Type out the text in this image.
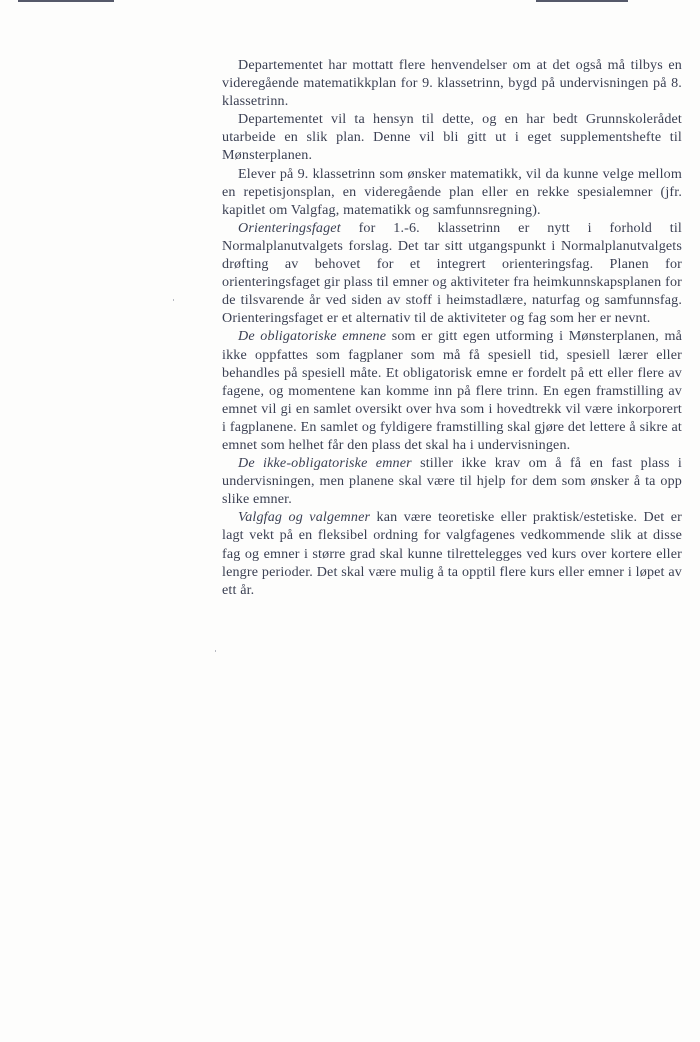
Departementet har mottatt flere henvendelser om at det også må tilbys en videregående matematikkplan for 9. klassetrinn, bygd på undervisningen på 8. klassetrinn.

Departementet vil ta hensyn til dette, og en har bedt Grunnskolerådet utarbeide en slik plan. Denne vil bli gitt ut i eget supplementshefte til Mønsterplanen.

Elever på 9. klassetrinn som ønsker matematikk, vil da kunne velge mellom en repetisjonsplan, en videregående plan eller en rekke spesialemner (jfr. kapitlet om Valgfag, matematikk og samfunnsregning).

Orienteringsfaget for 1.-6. klassetrinn er nytt i forhold til Normalplanutvalgets forslag. Det tar sitt utgangspunkt i Normalplanutvalgets drøfting av behovet for et integrert orienteringsfag. Planen for orienteringsfaget gir plass til emner og aktiviteter fra heimkunnskapsplanen for de tilsvarende år ved siden av stoff i heimstadlære, naturfag og samfunnsfag. Orienteringsfaget er et alternativ til de aktiviteter og fag som her er nevnt.

De obligatoriske emnene som er gitt egen utforming i Mønsterplanen, må ikke oppfattes som fagplaner som må få spesiell tid, spesiell lærer eller behandles på spesiell måte. Et obligatorisk emne er fordelt på ett eller flere av fagene, og momentene kan komme inn på flere trinn. En egen framstilling av emnet vil gi en samlet oversikt over hva som i hovedtrekk vil være inkorporert i fagplanene. En samlet og fyldigere framstilling skal gjøre det lettere å sikre at emnet som helhet får den plass det skal ha i undervisningen.

De ikke-obligatoriske emner stiller ikke krav om å få en fast plass i undervisningen, men planene skal være til hjelp for dem som ønsker å ta opp slike emner.

Valgfag og valgemner kan være teoretiske eller praktisk/estetiske. Det er lagt vekt på en fleksibel ordning for valgfagenes vedkommende slik at disse fag og emner i større grad skal kunne tilrettelegges ved kurs over kortere eller lengre perioder. Det skal være mulig å ta opptil flere kurs eller emner i løpet av ett år.
